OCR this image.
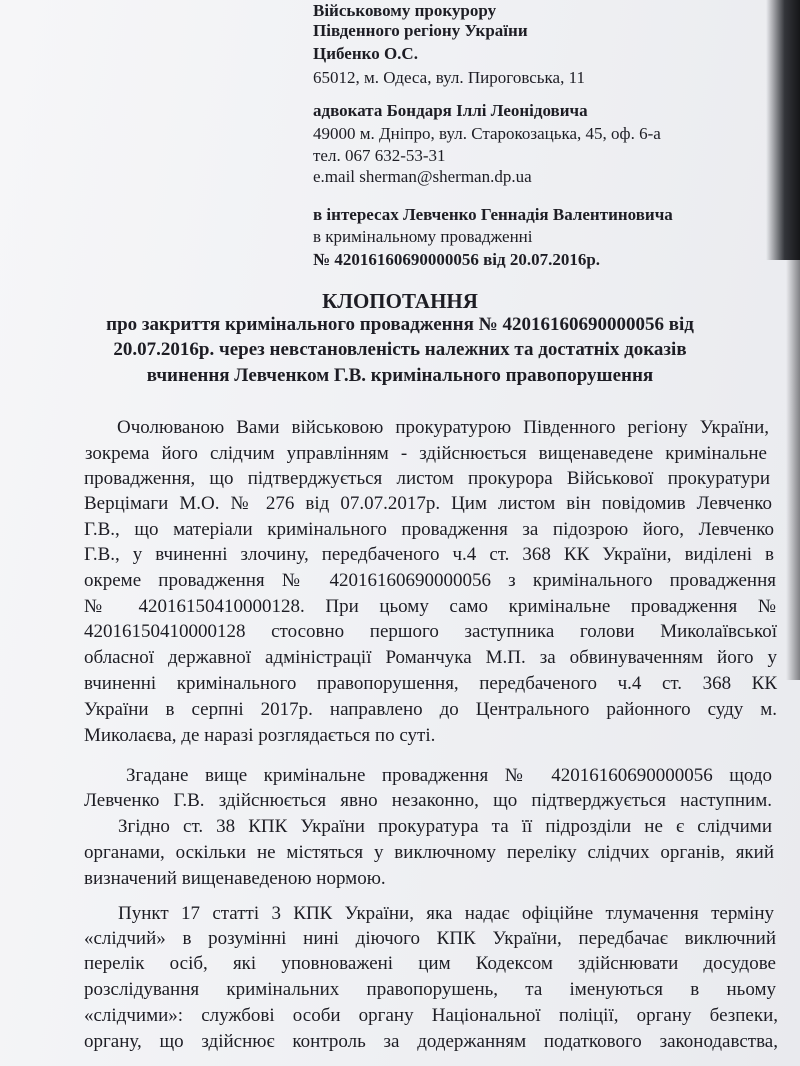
Військовому прокурору
Південного регіону України
Цибенко О.С.
65012, м. Одеса, вул. Пироговська, 11
адвоката Бондаря Іллі Леонідовича
49000 м. Дніпро, вул. Старокозацька, 45, оф. 6-а
тел. 067 632-53-31
e.mail sherman@sherman.dp.ua
в інтересах Левченко Геннадія Валентиновича
в кримінальному провадженні
№ 42016160690000056 від 20.07.2016р.
КЛОПОТАННЯ
про закриття кримінального провадження № 42016160690000056 від
20.07.2016р. через невстановленість належних та достатніх доказів
вчинення Левченком Г.В. кримінального правопорушення
Очолюваною Вами військовою прокуратурою Південного регіону України,
зокрема його слідчим управлінням - здійснюється вищенаведене кримінальне
провадження, що підтверджується листом прокурора Військової прокуратури
Верцімаги М.О. № 276 від 07.07.2017р. Цим листом він повідомив Левченко
Г.В., що матеріали кримінального провадження за підозрою його, Левченко
Г.В., у вчиненні злочину, передбаченого ч.4 ст. 368 КК України, виділені в
окреме провадження № 42016160690000056 з кримінального провадження
№ 42016150410000128. При цьому само кримінальне провадження №
42016150410000128 стосовно першого заступника голови Миколаївської
обласної державної адміністрації Романчука М.П. за обвинуваченням його у
вчиненні кримінального правопорушення, передбаченого ч.4 ст. 368 КК
України в серпні 2017р. направлено до Центрального районного суду м.
Миколаєва, де наразі розглядається по суті.
Згадане вище кримінальне провадження № 42016160690000056 щодо
Левченко Г.В. здійснюється явно незаконно, що підтверджується наступним.
Згідно ст. 38 КПК України прокуратура та її підрозділи не є слідчими
органами, оскільки не містяться у виключному переліку слідчих органів, який
визначений вищенаведеною нормою.
Пункт 17 статті 3 КПК України, яка надає офіційне тлумачення терміну
«слідчий» в розумінні нині діючого КПК України, передбачає виключний
перелік осіб, які уповноважені цим Кодексом здійснювати досудове
розслідування кримінальних правопорушень, та іменуються в ньому
«слідчими»: службові особи органу Національної поліції, органу безпеки,
органу, що здійснює контроль за додержанням податкового законодавства,
